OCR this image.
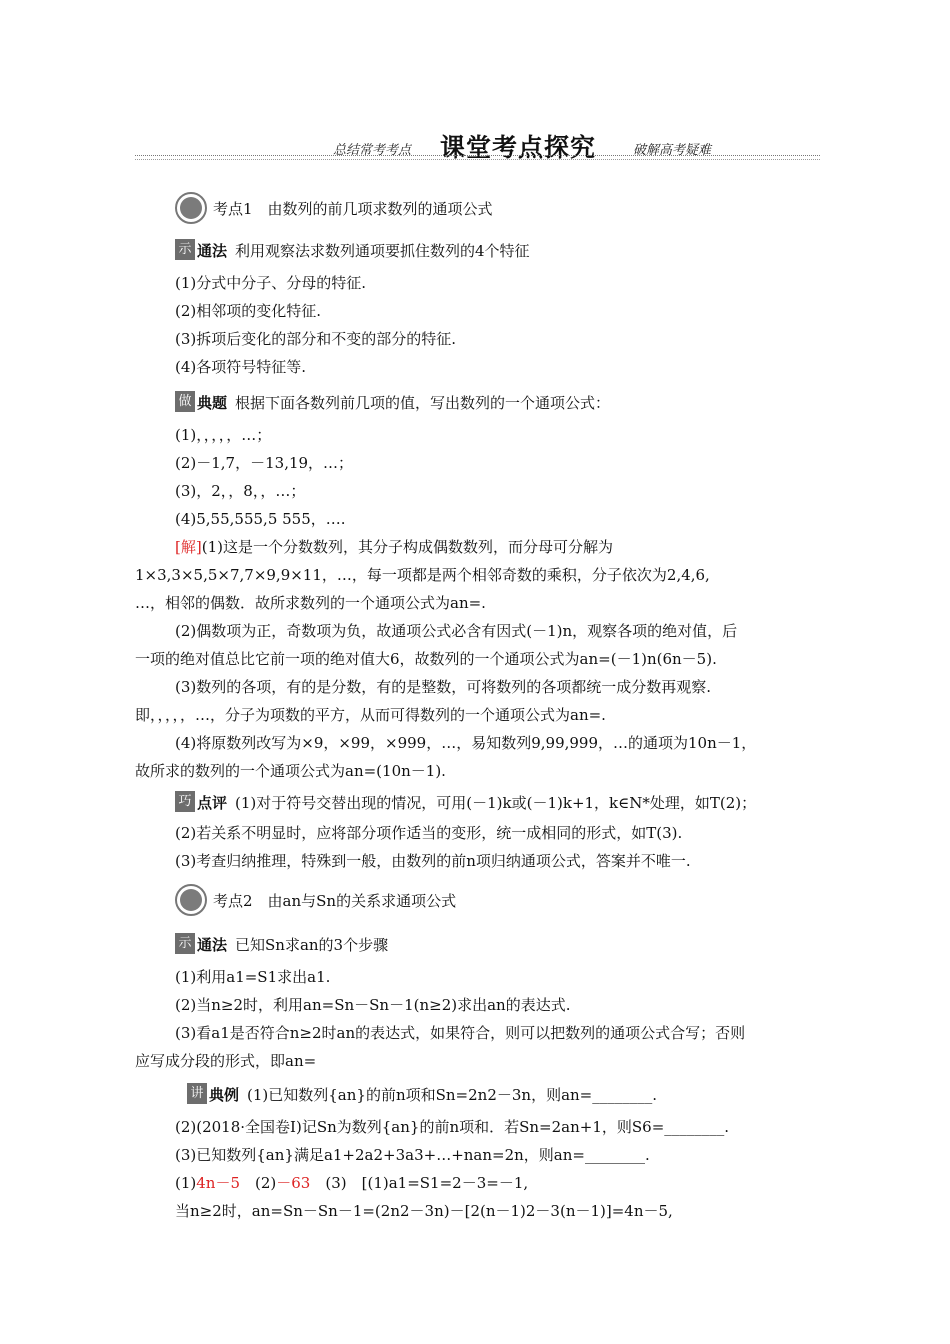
总结常考考点 课堂考点探究	破解高考疑难
考点1　由数列的前几项求数列的通项公式
示 通法 利用观察法求数列通项要抓住数列的4个特征
(1)分式中分子、分母的特征.
(2)相邻项的变化特征.
(3)拆项后变化的部分和不变的部分的特征.
(4)各项符号特征等.
做 典题 根据下面各数列前几项的值，写出数列的一个通项公式：
(1)，，，，，…；
(2)－1,7，－13,19，…；
(3)，2，，8，，…；
(4)5,55,555,5 555，….
[解](1)这是一个分数数列，其分子构成偶数数列，而分母可分解为
1×3,3×5,5×7,7×9,9×11，…，每一项都是两个相邻奇数的乘积，分子依次为2,4,6,
…，相邻的偶数．故所求数列的一个通项公式为an=.
(2)偶数项为正，奇数项为负，故通项公式必含有因式(－1)n，观察各项的绝对值，后
一项的绝对值总比它前一项的绝对值大6，故数列的一个通项公式为an=(－1)n(6n－5).
(3)数列的各项，有的是分数，有的是整数，可将数列的各项都统一成分数再观察.
即，，，，，…，分子为项数的平方，从而可得数列的一个通项公式为an=.
(4)将原数列改写为×9，×99，×999，…，易知数列9,99,999，…的通项为10n－1，
故所求的数列的一个通项公式为an=(10n－1).
巧 点评 (1)对于符号交替出现的情况，可用(－1)k或(－1)k+1，k∈N*处理，如T(2)；
(2)若关系不明显时，应将部分项作适当的变形，统一成相同的形式，如T(3).
(3)考查归纳推理，特殊到一般，由数列的前n项归纳通项公式，答案并不唯一.
考点2　由an与Sn的关系求通项公式
示 通法 已知Sn求an的3个步骤
(1)利用a1=S1求出a1.
(2)当n≥2时，利用an=Sn－Sn－1(n≥2)求出an的表达式.
(3)看a1是否符合n≥2时an的表达式，如果符合，则可以把数列的通项公式合写；否则
应写成分段的形式，即an=
讲 典例 (1)已知数列{an}的前n项和Sn=2n2－3n，则an=________.
(2)(2018·全国卷Ⅰ)记Sn为数列{an}的前n项和．若Sn=2an+1，则S6=________.
(3)已知数列{an}满足a1+2a2+3a3+…+nan=2n，则an=________.
(1)4n－5　 (2)－63　 (3)　[(1)a1=S1=2－3=－1,
当n≥2时，an=Sn－Sn－1=(2n2－3n)－[2(n－1)2－3(n－1)]=4n－5,
